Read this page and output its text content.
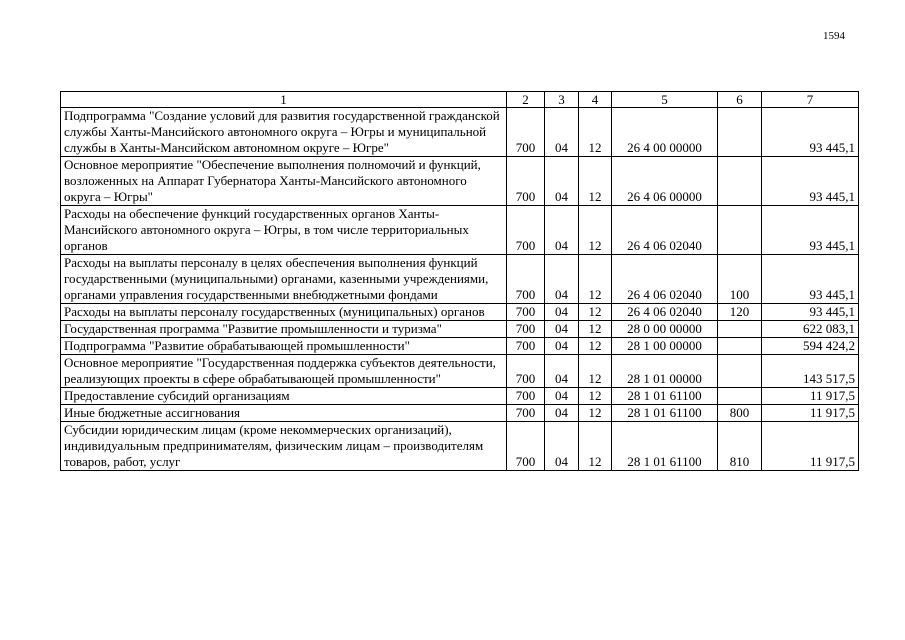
1594
1	2	3	4	5	6	7
Подпрограмма "Создание условий для развития государственной гражданской службы Ханты-Мансийского автономного округа – Югры и муниципальной службы в Ханты-Мансийском автономном округе – Югре"	700	04	12	26 4 00 00000		93 445,1
Основное мероприятие "Обеспечение выполнения полномочий и функций, возложенных на Аппарат Губернатора Ханты-Мансийского автономного округа – Югры"	700	04	12	26 4 06 00000		93 445,1
Расходы на обеспечение функций государственных органов Ханты-Мансийского автономного округа – Югры, в том числе территориальных органов	700	04	12	26 4 06 02040		93 445,1
Расходы на выплаты персоналу в целях обеспечения выполнения функций государственными (муниципальными) органами, казенными учреждениями, органами управления государственными внебюджетными фондами	700	04	12	26 4 06 02040	100	93 445,1
Расходы на выплаты персоналу государственных (муниципальных) органов	700	04	12	26 4 06 02040	120	93 445,1
Государственная программа "Развитие промышленности и туризма"	700	04	12	28 0 00 00000		622 083,1
Подпрограмма "Развитие обрабатывающей промышленности"	700	04	12	28 1 00 00000		594 424,2
Основное мероприятие "Государственная поддержка субъектов деятельности, реализующих проекты в сфере обрабатывающей промышленности"	700	04	12	28 1 01 00000		143 517,5
Предоставление субсидий организациям	700	04	12	28 1 01 61100		11 917,5
Иные бюджетные ассигнования	700	04	12	28 1 01 61100	800	11 917,5
Субсидии юридическим лицам (кроме некоммерческих организаций), индивидуальным предпринимателям, физическим лицам – производителям товаров, работ, услуг	700	04	12	28 1 01 61100	810	11 917,5
